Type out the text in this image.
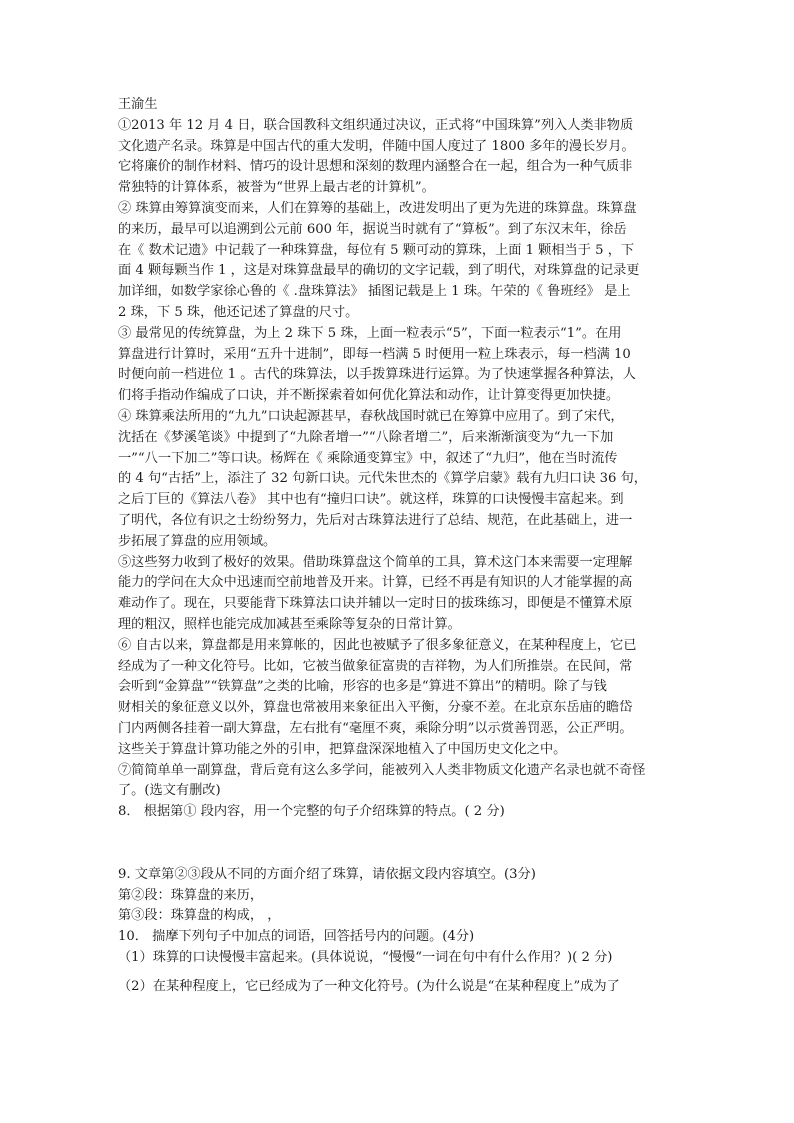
王渝生

①2013 年 12 月 4 日，联合国教科文组织通过决议，正式将“中国珠算”列入人类非物质

文化遗产名录。珠算是中国古代的重大发明，伴随中国人度过了 1800 多年的漫长岁月。

它将廉价的制作材料、情巧的设计思想和深刻的数理内涵整合在一起，组合为一种气质非

常独特的计算体系，被誉为“世界上最古老的计算机”。

② 珠算由筹算演变而来，人们在算筹的基础上，改进发明出了更为先进的珠算盘。珠算盘

的来历，最早可以追溯到公元前 600 年，据说当时就有了“算板”。到了东汉末年，徐岳

在《 数术记遗》中记载了一种珠算盘，每位有 5 颗可动的算珠，上面 1 颗相当于 5 ，下

面 4 颗每颗当作 1 ，这是对珠算盘最早的确切的文字记载，到了明代，对珠算盘的记录更

加详细，如数学家徐心鲁的《 .盘珠算法》 插图记载是上 1 珠。午荣的《 鲁班经》 是上

2 珠，下 5 珠，他还记述了算盘的尺寸。

③ 最常见的传统算盘，为上 2 珠下 5 珠，上面一粒表示“5”，下面一粒表示“1”。在用

算盘进行计算时，采用“五升十进制”，即每一档满 5 时便用一粒上珠表示，每一档满 10

时便向前一档进位 1 。古代的珠算法，以手拨算珠进行运算。为了快速掌握各种算法，人

们将手指动作编成了口诀，并不断探索着如何优化算法和动作，让计算变得更加快捷。

④ 珠算乘法所用的“九九”口诀起源甚早，春秋战国时就已在筹算中应用了。到了宋代，

沈括在《梦溪笔谈》中提到了“九除者增一”“八除者增二”，后来渐渐演变为“九一下加

一”“八一下加二”等口诀。杨辉在《 乘除通变算宝》中，叙述了“九归”，他在当时流传

的 4 句“古括”上，添注了 32 句新口诀。元代朱世杰的《算学启蒙》载有九归口诀 36 句，

之后丁巨的《算法八卷》 其中也有“撞归口诀”。就这样，珠算的口诀慢慢丰富起来。到

了明代，各位有识之士纷纷努力，先后对古珠算法进行了总结、规范，在此基础上，进一

步拓展了算盘的应用领域。

⑤这些努力收到了极好的效果。借助珠算盘这个简单的工具，算术这门本来需要一定理解

能力的学问在大众中迅速而空前地普及开来。计算，已经不再是有知识的人才能掌握的高

难动作了。现在，只要能背下珠算法口诀并辅以一定时日的拔珠练习，即便是不懂算术原

理的粗汉，照样也能完成加减甚至乘除等复杂的日常计算。

⑥ 自古以来，算盘都是用来算帐的，因此也被赋予了很多象征意义，在某种程度上，它已

经成为了一种文化符号。比如，它被当做象征富贵的吉祥物，为人们所推崇。在民间，常

会听到“金算盘”“铁算盘”之类的比喻，形容的也多是“算进不算出”的精明。除了与钱

财相关的象征意义以外，算盘也常被用来象征出入平衡，分豪不差。在北京东岳庙的瞻岱

门内两侧各挂着一副大算盘，左右批有“毫厘不爽，乘除分明”以示赏善罚恶，公正严明。

这些关于算盘计算功能之外的引申，把算盘深深地植入了中国历史文化之中。

⑦简简单单一副算盘，背后竟有这么多学问，能被列入人类非物质文化遗产名录也就不奇怪

了。(选文有删改)

8． 根据第① 段内容，用一个完整的句子介绍珠算的特点。( 2 分)

9. 文章第②③段从不同的方面介绍了珠算，请依据文段内容填空。(3分)

第②段：珠算盘的来历，

第③段：珠算盘的构成， ，

10． 揣摩下列句子中加点的词语，回答括号内的问题。(4分)

（1）珠算的口诀慢慢丰富起来。(具体说说，“慢慢“一词在句中有什么作用？)( 2 分)

（2）在某种程度上，它已经成为了一种文化符号。(为什么说是“在某种程度上”成为了
